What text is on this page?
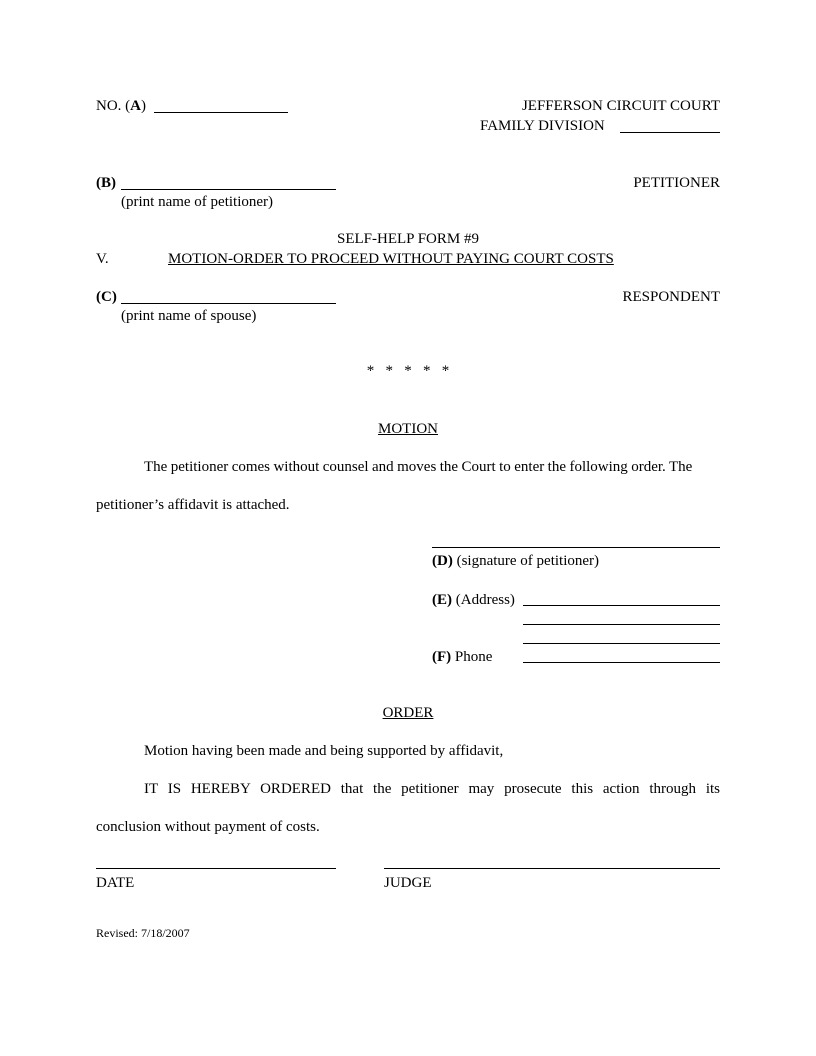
NO. (A)	JEFFERSON CIRCUIT COURT
FAMILY DIVISION
(B)
(print name of petitioner)
PETITIONER
SELF-HELP FORM #9
V.	MOTION-ORDER TO PROCEED WITHOUT PAYING COURT COSTS
(C)
(print name of spouse)
RESPONDENT
*   *   *   *   *
MOTION
The petitioner comes without counsel and moves the Court to enter the following order. The
petitioner’s affidavit is attached.
(D) (signature of petitioner)
(E) (Address)
(F) Phone
ORDER
Motion having been made and being supported by affidavit,
IT IS HEREBY ORDERED that the petitioner may prosecute this action through its
conclusion without payment of costs.
DATE	JUDGE
Revised: 7/18/2007
